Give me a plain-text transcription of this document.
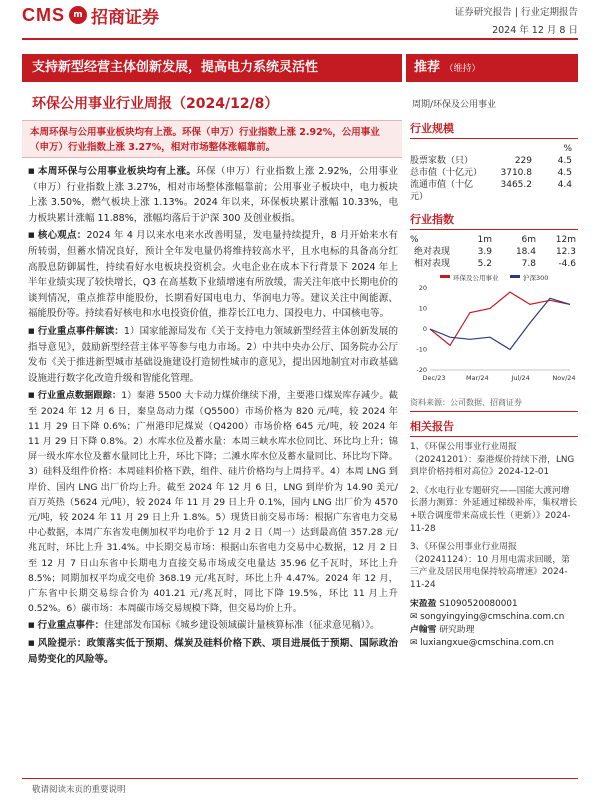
CMS m 招商证券	证券研究报告 | 行业定期报告
2024 年 12 月 8 日
支持新型经营主体创新发展，提高电力系统灵活性	推荐 （维持）
环保公用事业行业周报（2024/12/8）	周期/环保及公用事业
本周环保与公用事业板块均有上涨。环保（申万）行业指数上涨 2.92%，公用事业（申万）行业指数上涨 3.27%，相对市场整体涨幅靠前。

■ 本周环保与公用事业板块均有上涨。环保（申万）行业指数上涨 2.92%，公用事业（申万）行业指数上涨 3.27%，相对市场整体涨幅靠前；公用事业子板块中，电力板块上涨 3.50%，燃气板块上涨 1.13%。2024 年以来，环保板块累计涨幅 10.33%，电力板块累计涨幅 11.88%，涨幅均落后于沪深 300 及创业板指。

■ 核心观点：2024 年 4 月以来水电来水改善明显，发电量持续提升，8 月开始来水有所转弱，但蓄水情况良好，预计全年发电量仍将维持较高水平，且水电标的具备高分红高股息防御属性，持续看好水电板块投资机会。火电企业在成本下行背景下 2024 年上半年业绩实现了较快增长，Q3 在高基数下业绩增速有所放缓，需关注年底中长期电价的谈判情况，重点推荐申能股份，长期看好国电电力、华润电力等。建议关注中闽能源、福能股份等。持续看好核电和水电投资价值，推荐长江电力、国投电力、中国核电等。

■ 行业重点事件解读：1）国家能源局发布《关于支持电力领域新型经营主体创新发展的指导意见》，鼓励新型经营主体平等参与电力市场。2）中共中央办公厅、国务院办公厅发布《关于推进新型城市基础设施建设打造韧性城市的意见》，提出因地制宜对市政基础设施进行数字化改造升级和智能化管理。

■ 行业重点数据跟踪：1）秦港 5500 大卡动力煤价继续下滑，主要港口煤炭库存减少。截至 2024 年 12 月 6 日，秦皇岛动力煤（Q5500）市场价格为 820 元/吨，较 2024 年 11 月 29 日下降 0.6%；广州港印尼煤炭（Q4200）市场价格 645 元/吨，较 2024 年 11 月 29 日下降 0.8%。2）水库水位及蓄水量：本周三峡水库水位同比、环比均上升；锦屏一级水库水位及蓄水量同比上升，环比下降；二滩水库水位及蓄水量同比、环比均下降。3）硅料及组件价格：本周硅料价格下跌，组件、硅片价格均与上周持平。4）本周 LNG 到岸价、国内 LNG 出厂价均上升。截至 2024 年 12 月 6 日，LNG 到岸价为 14.90 美元/百万英热（5624 元/吨），较 2024 年 11 月 29 日上升 0.1%，国内 LNG 出厂价为 4570 元/吨，较 2024 年 11 月 29 日上升 1.8%。5）现货日前交易市场：根据广东省电力交易中心数据，本周广东省发电侧加权平均电价于 12 月 2 日（周一）达到最高值 357.28 元/兆瓦时，环比上升 31.4%。中长期交易市场：根据山东省电力交易中心数据，12 月 2 日至 12 月 7 日山东省中长期电力直接交易市场成交电量达 35.96 亿千瓦时，环比上升 8.5%；同期加权平均成交电价 368.19 元/兆瓦时，环比上升 4.47%。2024 年 12 月，广东省中长期交易综合价为 401.21 元/兆瓦时，同比下降 19.5%，环比 11 月上升 0.52%。6）碳市场：本周碳市场交易规模下降，但交易均价上升。

■ 行业重点事件：住建部发布国标《城乡建设领域碳计量核算标准（征求意见稿）》。

■ 风险提示：政策落实低于预期、煤炭及硅料价格下跌、项目进展低于预期、国际政治局势变化的风险等。

行业规模
%
股票家数（只）	229	4.5
总市值（十亿元）	3710.8	4.5
流通市值（十亿元）
3465.2	4.4
行业指数
%	1m	6m	12m
绝对表现	3.9	18.4	12.3
相对表现	5.2	7.8	-4.6
环保及公用事业	沪深300
20
10
0
-10
-20
Dec/23	Mar/24	Jul/24	Nov/24
资料来源：公司数据、招商证券
相关报告

1、《环保公用事业行业周报（20241201）：秦港煤价持续下滑，LNG 到岸价格持相对高位》2024-12-01

2、《水电行业专题研究——国能大渡河增长潜力测算：外延通过梯级补库，集权增长+联合调度带来高成长性（更新）》2024-11-28

3、《环保公用事业行业周报（20241124）：10 月用电需求回暖，第三产业及居民用电保持较高增速》2024-11-24

宋盈盈 S1090520080001
✉ songyingying@cmschina.com.cn
卢翰雪 研究助理
✉ luxiangxue@cmschina.com.cn
敬请阅读末页的重要说明
